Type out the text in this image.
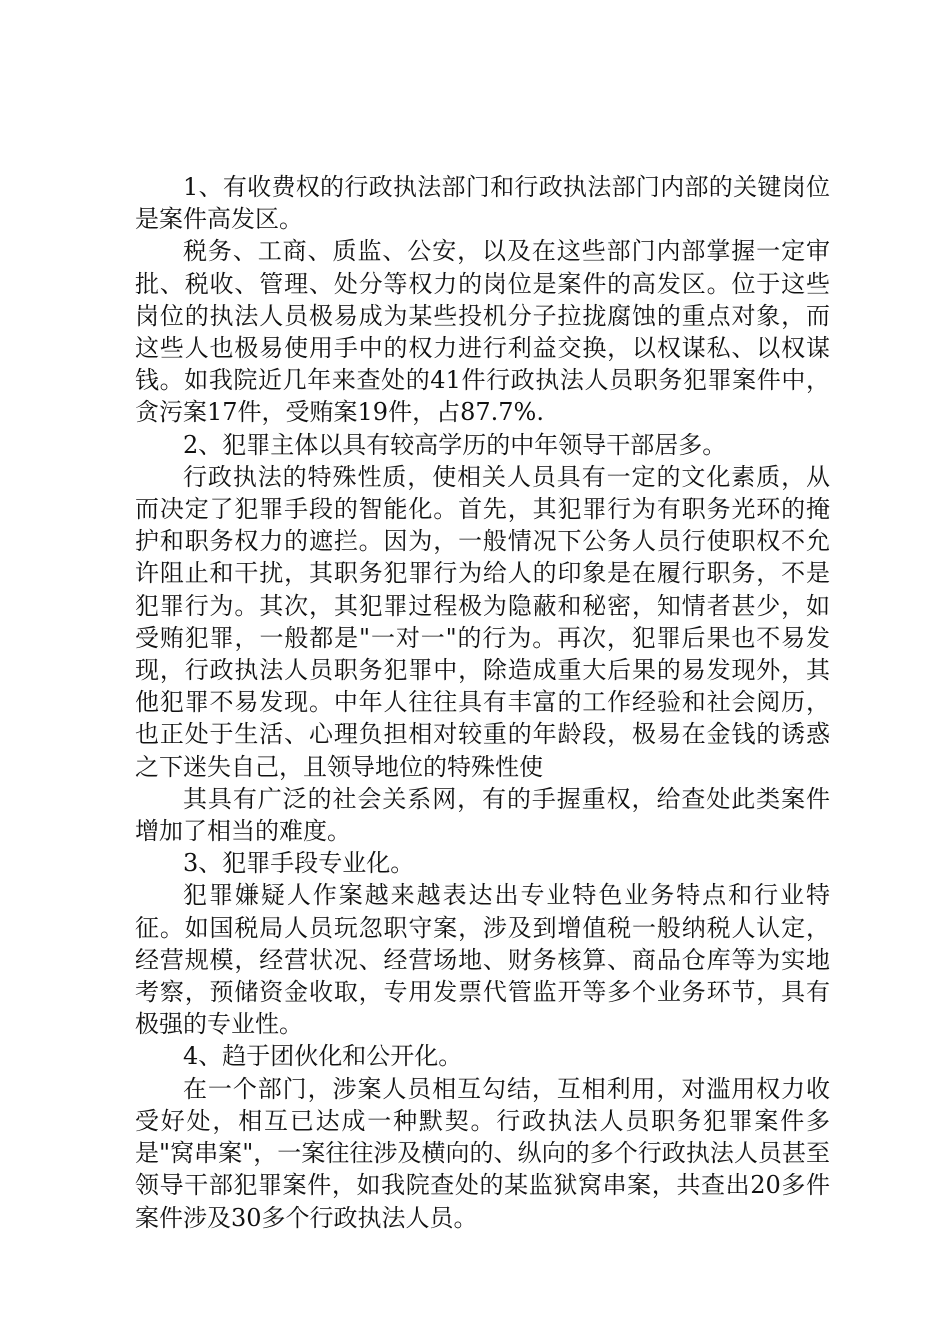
1、有收费权的行政执法部门和行政执法部门内部的关键岗位是案件高发区。

税务、工商、质监、公安，以及在这些部门内部掌握一定审批、税收、管理、处分等权力的岗位是案件的高发区。位于这些岗位的执法人员极易成为某些投机分子拉拢腐蚀的重点对象，而这些人也极易使用手中的权力进行利益交换，以权谋私、以权谋钱。如我院近几年来查处的41件行政执法人员职务犯罪案件中，贪污案17件，受贿案19件，占87.7%.

2、犯罪主体以具有较高学历的中年领导干部居多。

行政执法的特殊性质，使相关人员具有一定的文化素质，从而决定了犯罪手段的智能化。首先，其犯罪行为有职务光环的掩护和职务权力的遮拦。因为，一般情况下公务人员行使职权不允许阻止和干扰，其职务犯罪行为给人的印象是在履行职务，不是犯罪行为。其次，其犯罪过程极为隐蔽和秘密，知情者甚少，如受贿犯罪，一般都是"一对一"的行为。再次，犯罪后果也不易发现，行政执法人员职务犯罪中，除造成重大后果的易发现外，其他犯罪不易发现。中年人往往具有丰富的工作经验和社会阅历，也正处于生活、心理负担相对较重的年龄段，极易在金钱的诱惑之下迷失自己，且领导地位的特殊性使

其具有广泛的社会关系网，有的手握重权，给查处此类案件增加了相当的难度。

3、犯罪手段专业化。

犯罪嫌疑人作案越来越表达出专业特色业务特点和行业特征。如国税局人员玩忽职守案，涉及到增值税一般纳税人认定，经营规模，经营状况、经营场地、财务核算、商品仓库等为实地考察，预储资金收取，专用发票代管监开等多个业务环节，具有极强的专业性。

4、趋于团伙化和公开化。

在一个部门，涉案人员相互勾结，互相利用，对滥用权力收受好处，相互已达成一种默契。行政执法人员职务犯罪案件多是"窝串案"，一案往往涉及横向的、纵向的多个行政执法人员甚至领导干部犯罪案件，如我院查处的某监狱窝串案，共查出20多件案件涉及30多个行政执法人员。
